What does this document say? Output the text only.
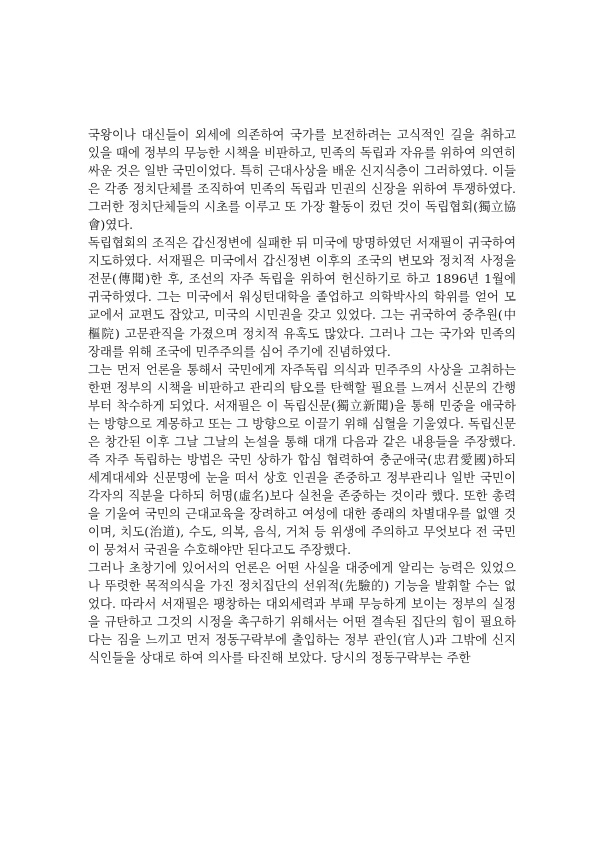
국왕이나 대신들이 외세에 의존하여 국가를 보전하려는 고식적인 길을 취하고 있을 때에 정부의 무능한 시책을 비판하고, 민족의 독립과 자유를 위하여 의연히 싸운 것은 일반 국민이었다. 특히 근대사상을 배운 신지식층이 그러하였다. 이들은 각종 정치단체를 조직하여 민족의 독립과 민권의 신장을 위하여 투쟁하였다. 그러한 정치단체들의 시초를 이루고 또 가장 활동이 컸던 것이 독립협회(獨立協會)였다.

독립협회의 조직은 갑신정변에 실패한 뒤 미국에 망명하였던 서재필이 귀국하여 지도하였다. 서재필은 미국에서 갑신정변 이후의 조국의 변모와 정치적 사정을 전문(傳聞)한 후, 조선의 자주 독립을 위하여 헌신하기로 하고 1896년 1월에 귀국하였다. 그는 미국에서 워싱턴대학을 졸업하고 의학박사의 학위를 얻어 모교에서 교편도 잡았고, 미국의 시민권을 갖고 있었다. 그는 귀국하여 중추원(中樞院) 고문관직을 가졌으며 정치적 유혹도 많았다. 그러나 그는 국가와 민족의 장래를 위해 조국에 민주주의를 심어 주기에 진념하였다.

그는 먼저 언론을 통해서 국민에게 자주독립 의식과 민주주의 사상을 고취하는 한편 정부의 시책을 비판하고 관리의 탐오를 탄핵할 필요를 느껴서 신문의 간행부터 착수하게 되었다. 서재필은 이 독립신문(獨立新聞)을 통해 민중을 애국하는 방향으로 계몽하고 또는 그 방향으로 이끌기 위해 심혈을 기울였다. 독립신문은 창간된 이후 그날 그날의 논설을 통해 대개 다음과 같은 내용들을 주장했다. 즉 자주 독립하는 방법은 국민 상하가 합심 협력하여 충군애국(忠君愛國)하되 세계대세와 신문명에 눈을 떠서 상호 인권을 존중하고 정부관리나 일반 국민이 각자의 직분을 다하되 허명(虛名)보다 실천을 존중하는 것이라 했다. 또한 총력을 기울여 국민의 근대교육을 장려하고 여성에 대한 종래의 차별대우를 없앨 것이며, 치도(治道), 수도, 의복, 음식, 거처 등 위생에 주의하고 무엇보다 전 국민이 뭉쳐서 국권을 수호해야만 된다고도 주장했다.

그러나 초창기에 있어서의 언론은 어떤 사실을 대중에게 알리는 능력은 있었으나 뚜렷한 목적의식을 가진 정치집단의 선위적(先驗的) 기능을 발휘할 수는 없었다. 따라서 서재필은 팽창하는 대외세력과 부패 무능하게 보이는 정부의 실정을 규탄하고 그것의 시정을 촉구하기 위해서는 어떤 결속된 집단의 힘이 필요하다는 짐을 느끼고 먼저 정동구락부에 출입하는 정부 관인(官人)과 그밖에 신지식인들을 상대로 하여 의사를 타진해 보았다. 당시의 정동구락부는 주한
